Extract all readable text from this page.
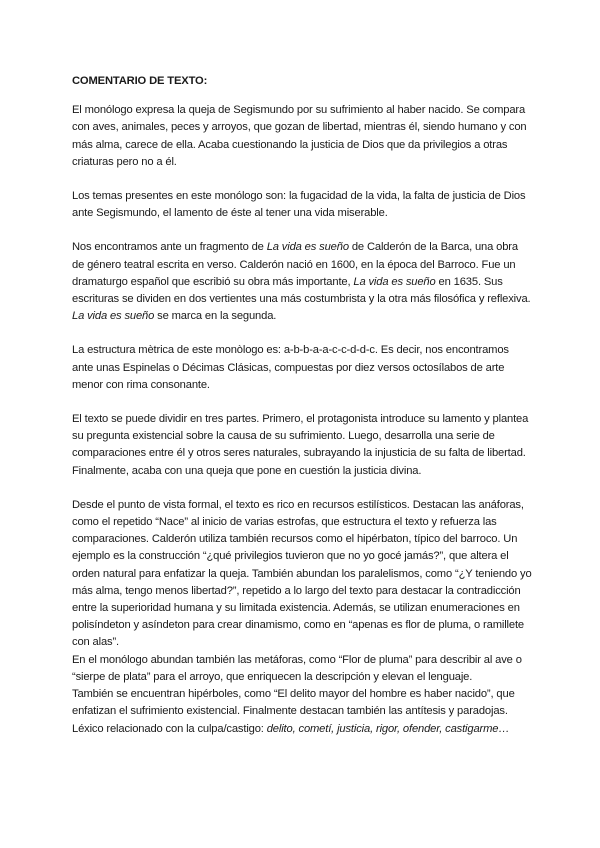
COMENTARIO DE TEXTO:

El monólogo expresa la queja de Segismundo por su sufrimiento al haber nacido. Se compara con aves, animales, peces y arroyos, que gozan de libertad, mientras él, siendo humano y con más alma, carece de ella. Acaba cuestionando la justicia de Dios que da privilegios a otras criaturas pero no a él.

Los temas presentes en este monólogo son: la fugacidad de la vida, la falta de justicia de Dios ante Segismundo, el lamento de éste al tener una vida miserable.

Nos encontramos ante un fragmento de La vida es sueño de Calderón de la Barca, una obra de género teatral escrita en verso. Calderón nació en 1600, en la época del Barroco. Fue un dramaturgo español que escribió su obra más importante, La vida es sueño en 1635. Sus escrituras se dividen en dos vertientes una más costumbrista y la otra más filosófica y reflexiva. La vida es sueño se marca en la segunda.

La estructura mètrica de este monòlogo es: a-b-b-a-a-c-c-d-d-c. Es decir, nos encontramos ante unas Espinelas o Décimas Clásicas, compuestas por diez versos octosílabos de arte menor con rima consonante.

El texto se puede dividir en tres partes. Primero, el protagonista introduce su lamento y plantea su pregunta existencial sobre la causa de su sufrimiento. Luego, desarrolla una serie de comparaciones entre él y otros seres naturales, subrayando la injusticia de su falta de libertad. Finalmente, acaba con una queja que pone en cuestión la justicia divina.

Desde el punto de vista formal, el texto es rico en recursos estilísticos. Destacan las anáforas, como el repetido “Nace” al inicio de varias estrofas, que estructura el texto y refuerza las comparaciones. Calderón utiliza también recursos como el hipérbaton, típico del barroco. Un ejemplo es la construcción “¿qué privilegios tuvieron que no yo gocé jamás?”, que altera el orden natural para enfatizar la queja. También abundan los paralelismos, como “¿Y teniendo yo más alma, tengo menos libertad?”, repetido a lo largo del texto para destacar la contradicción entre la superioridad humana y su limitada existencia. Además, se utilizan enumeraciones en polisíndeton y asíndeton para crear dinamismo, como en “apenas es flor de pluma, o ramillete con alas”.

En el monólogo abundan también las metáforas, como “Flor de pluma” para describir al ave o “sierpe de plata” para el arroyo, que enriquecen la descripción y elevan el lenguaje.

También se encuentran hipérboles, como “El delito mayor del hombre es haber nacido”, que enfatizan el sufrimiento existencial. Finalmente destacan también las antítesis y paradojas.

Léxico relacionado con la culpa/castigo: delito, cometí, justicia, rigor, ofender, castigarme…
